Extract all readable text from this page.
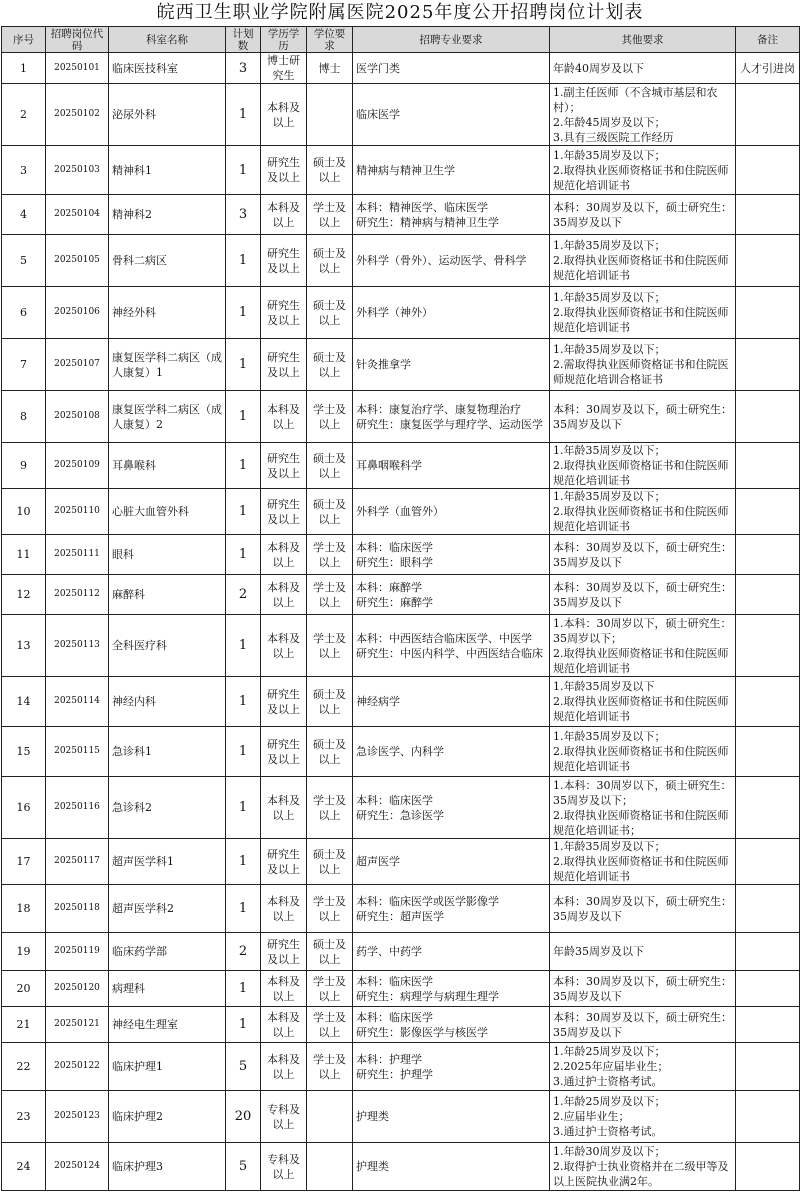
皖西卫生职业学院附属医院2025年度公开招聘岗位计划表
序号	招聘岗位代码	科室名称	计划数	学历学历	学位要求	招聘专业要求	其他要求	备注
1	20250101	临床医技科室	3	博士研究生	博士	医学门类	年龄40周岁及以下	人才引进岗
2	20250102	泌尿外科	1	本科及以上		临床医学	1.副主任医师（不含城市基层和农村）；
2.年龄45周岁及以下；
3.具有三级医院工作经历	
3	20250103	精神科1	1	研究生及以上	硕士及以上	精神病与精神卫生学	1.年龄35周岁及以下；
2.取得执业医师资格证书和住院医师规范化培训证书	
4	20250104	精神科2	3	本科及以上	学士及以上	本科：精神医学、临床医学
研究生：精神病与精神卫生学	本科：30周岁及以下，硕士研究生：35周岁及以下	
5	20250105	骨科二病区	1	研究生及以上	硕士及以上	外科学（骨外）、运动医学、骨科学	1.年龄35周岁及以下；
2.取得执业医师资格证书和住院医师规范化培训证书	
6	20250106	神经外科	1	研究生及以上	硕士及以上	外科学（神外）	1.年龄35周岁及以下；
2.取得执业医师资格证书和住院医师规范化培训证书	
7	20250107	康复医学科二病区（成人康复）1	1	研究生及以上	硕士及以上	针灸推拿学	1.年龄35周岁及以下；
2.需取得执业医师资格证书和住院医师规范化培训合格证书	
8	20250108	康复医学科二病区（成人康复）2	1	本科及以上	学士及以上	本科：康复治疗学、康复物理治疗
研究生：康复医学与理疗学、运动医学	本科：30周岁及以下，硕士研究生：35周岁及以下	
9	20250109	耳鼻喉科	1	研究生及以上	硕士及以上	耳鼻咽喉科学	1.年龄35周岁及以下；
2.取得执业医师资格证书和住院医师规范化培训证书	
10	20250110	心脏大血管外科	1	研究生及以上	硕士及以上	外科学（血管外）	1.年龄35周岁及以下；
2.取得执业医师资格证书和住院医师规范化培训证书	
11	20250111	眼科	1	本科及以上	学士及以上	本科：临床医学
研究生：眼科学	本科：30周岁及以下，硕士研究生：35周岁及以下	
12	20250112	麻醉科	2	本科及以上	学士及以上	本科：麻醉学
研究生：麻醉学	本科：30周岁及以下，硕士研究生：35周岁及以下	
13	20250113	全科医疗科	1	本科及以上	学士及以上	本科：中西医结合临床医学、中医学
研究生：中医内科学、中西医结合临床	1.本科：30周岁以下，硕士研究生：35周岁以下；
2.取得执业医师资格证书和住院医师规范化培训证书	
14	20250114	神经内科	1	研究生及以上	硕士及以上	神经病学	1.年龄35周岁及以下
2.取得执业医师资格证书和住院医师规范化培训证书	
15	20250115	急诊科1	1	研究生及以上	硕士及以上	急诊医学、内科学	1.年龄35周岁及以下；
2.取得执业医师资格证书和住院医师规范化培训证书	
16	20250116	急诊科2	1	本科及以上	学士及以上	本科：临床医学
研究生：急诊医学	1.本科：30周岁以下，硕士研究生：35周岁及以下；
2.取得执业医师资格证书和住院医师规范化培训证书；	
17	20250117	超声医学科1	1	研究生及以上	硕士及以上	超声医学	1.年龄35周岁及以下；
2.取得执业医师资格证书和住院医师规范化培训证书	
18	20250118	超声医学科2	1	本科及以上	学士及以上	本科：临床医学或医学影像学
研究生：超声医学	本科：30周岁及以下，硕士研究生：35周岁及以下	
19	20250119	临床药学部	2	研究生及以上	硕士及以上	药学、中药学	年龄35周岁及以下	
20	20250120	病理科	1	本科及以上	学士及以上	本科：临床医学
研究生：病理学与病理生理学	本科：30周岁及以下，硕士研究生：35周岁及以下	
21	20250121	神经电生理室	1	本科及以上	学士及以上	本科：临床医学
研究生：影像医学与核医学	本科：30周岁及以下，硕士研究生：35周岁及以下	
22	20250122	临床护理1	5	本科及以上	学士及以上	本科：护理学
研究生：护理学	1.年龄25周岁及以下；
2.2025年应届毕业生；
3.通过护士资格考试。	
23	20250123	临床护理2	20	专科及以上		护理类	1.年龄25周岁及以下；
2.应届毕业生；
3.通过护士资格考试。	
24	20250124	临床护理3	5	专科及以上		护理类	1.年龄30周岁及以下；
2.取得护士执业资格并在二级甲等及以上医院执业满2年。	
